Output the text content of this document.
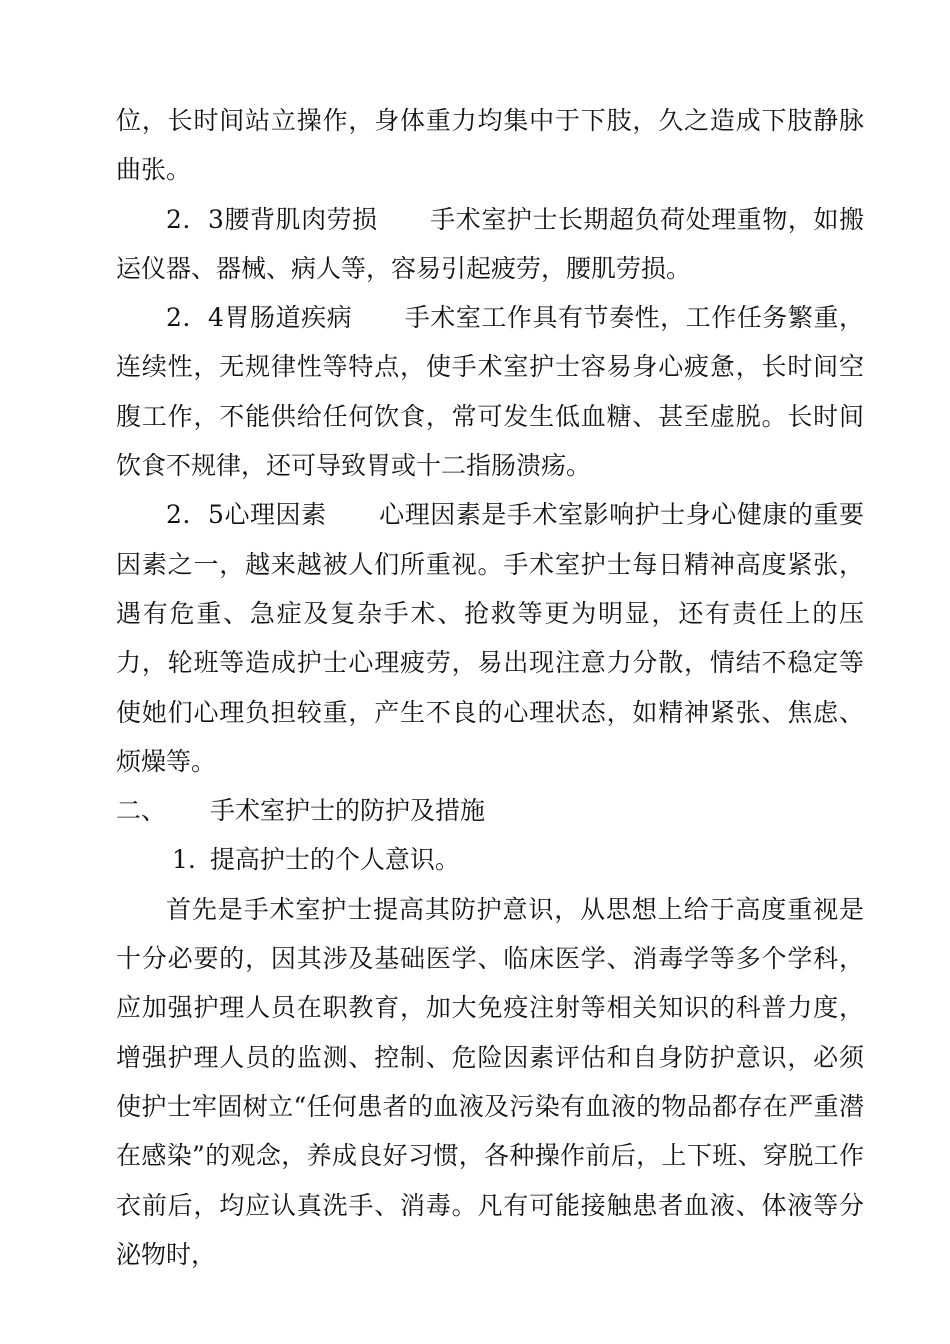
位，长时间站立操作，身体重力均集中于下肢，久之造成下肢静脉曲张。

2．3腰背肌肉劳损 手术室护士长期超负荷处理重物，如搬运仪器、器械、病人等，容易引起疲劳，腰肌劳损。

2．4胃肠道疾病 手术室工作具有节奏性，工作任务繁重，连续性，无规律性等特点，使手术室护士容易身心疲惫，长时间空腹工作，不能供给任何饮食，常可发生低血糖、甚至虚脱。长时间饮食不规律，还可导致胃或十二指肠溃疡。

2．5心理因素 心理因素是手术室影响护士身心健康的重要因素之一，越来越被人们所重视。手术室护士每日精神高度紧张，遇有危重、急症及复杂手术、抢救等更为明显，还有责任上的压力，轮班等造成护士心理疲劳，易出现注意力分散，情结不稳定等使她们心理负担较重，产生不良的心理状态，如精神紧张、焦虑、烦燥等。

二、 手术室护士的防护及措施

1. 提高护士的个人意识。

首先是手术室护士提高其防护意识，从思想上给于高度重视是十分必要的，因其涉及基础医学、临床医学、消毒学等多个学科，应加强护理人员在职教育，加大免疫注射等相关知识的科普力度，增强护理人员的监测、控制、危险因素评估和自身防护意识，必须使护士牢固树立“任何患者的血液及污染有血液的物品都存在严重潜在感染”的观念，养成良好习惯，各种操作前后，上下班、穿脱工作衣前后，均应认真洗手、消毒。凡有可能接触患者血液、体液等分泌物时，
